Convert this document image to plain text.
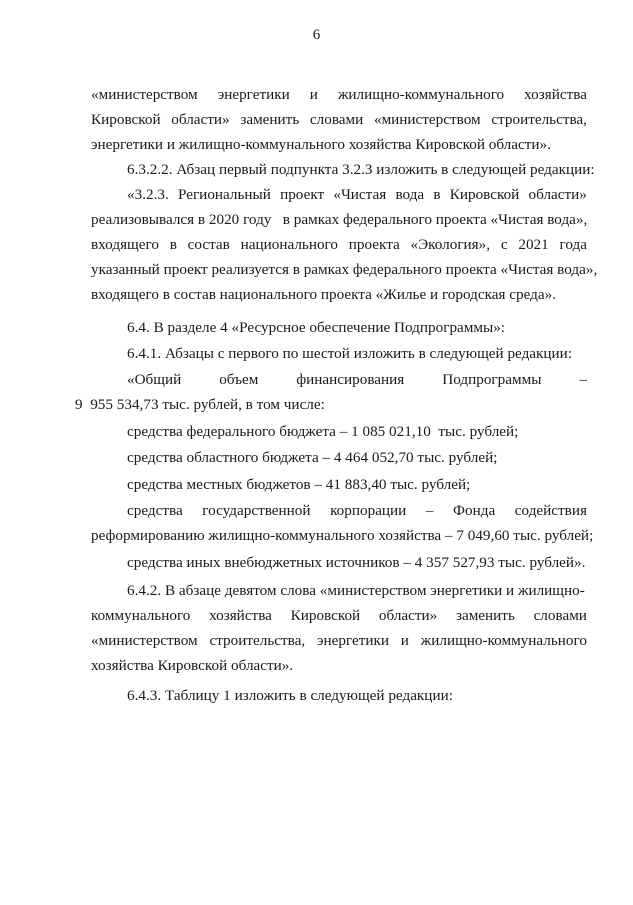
6
«министерством энергетики и жилищно-коммунального хозяйства
Кировской области» заменить словами «министерством строительства,
энергетики и жилищно-коммунального хозяйства Кировской области».
6.3.2.2. Абзац первый подпункта 3.2.3 изложить в следующей редакции:
«3.2.3. Региональный проект «Чистая вода в Кировской области»
реализовывался в 2020 году   в рамках федерального проекта «Чистая вода»,
входящего в состав национального проекта «Экология», с 2021 года
указанный проект реализуется в рамках федерального проекта «Чистая вода»,
входящего в состав национального проекта «Жилье и городская среда».
6.4. В разделе 4 «Ресурсное обеспечение Подпрограммы»:
6.4.1. Абзацы с первого по шестой изложить в следующей редакции:
«Общий объем финансирования Подпрограммы –
9  955 534,73 тыс. рублей, в том числе:
средства федерального бюджета – 1 085 021,10  тыс. рублей;
средства областного бюджета – 4 464 052,70 тыс. рублей;
средства местных бюджетов – 41 883,40 тыс. рублей;
средства государственной корпорации – Фонда содействия
реформированию жилищно-коммунального хозяйства – 7 049,60 тыс. рублей;
средства иных внебюджетных источников – 4 357 527,93 тыс. рублей».
6.4.2. В абзаце девятом слова «министерством энергетики и жилищно-
коммунального хозяйства Кировской области» заменить словами
«министерством строительства, энергетики и жилищно-коммунального
хозяйства Кировской области».
6.4.3. Таблицу 1 изложить в следующей редакции:
